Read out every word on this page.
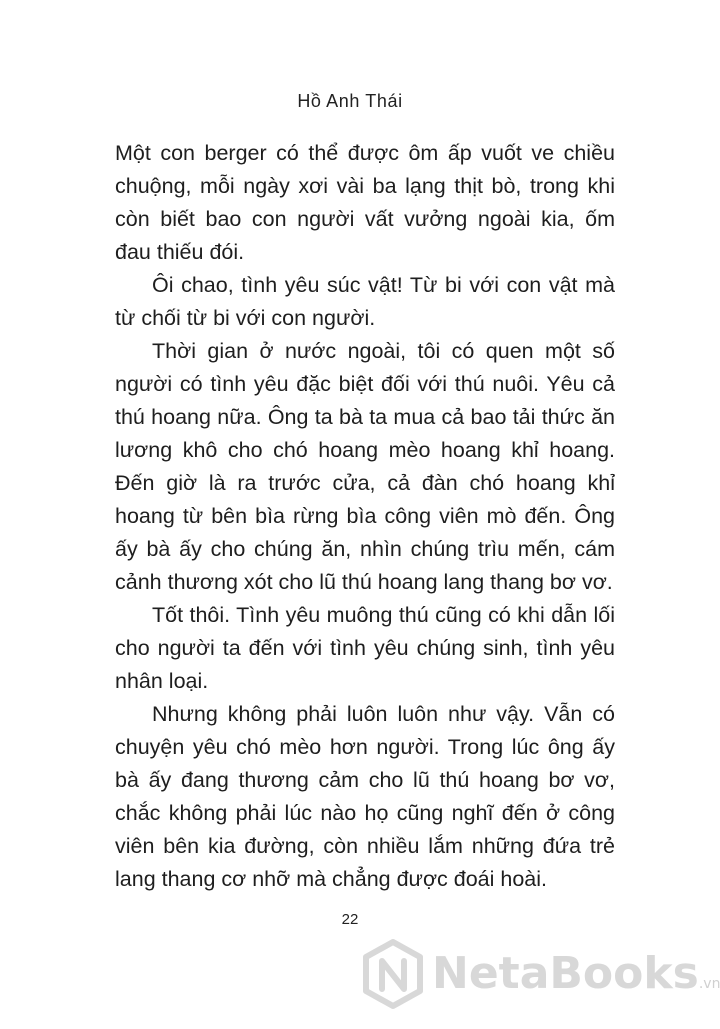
Hồ Anh Thái

Một con berger có thể được ôm ấp vuốt ve chiều chuộng, mỗi ngày xơi vài ba lạng thịt bò, trong khi còn biết bao con người vất vưởng ngoài kia, ốm đau thiếu đói.

Ôi chao, tình yêu súc vật! Từ bi với con vật mà từ chối từ bi với con người.

Thời gian ở nước ngoài, tôi có quen một số người có tình yêu đặc biệt đối với thú nuôi. Yêu cả thú hoang nữa. Ông ta bà ta mua cả bao tải thức ăn lương khô cho chó hoang mèo hoang khỉ hoang. Đến giờ là ra trước cửa, cả đàn chó hoang khỉ hoang từ bên bìa rừng bìa công viên mò đến. Ông ấy bà ấy cho chúng ăn, nhìn chúng trìu mến, cám cảnh thương xót cho lũ thú hoang lang thang bơ vơ.

Tốt thôi. Tình yêu muông thú cũng có khi dẫn lối cho người ta đến với tình yêu chúng sinh, tình yêu nhân loại.

Nhưng không phải luôn luôn như vậy. Vẫn có chuyện yêu chó mèo hơn người. Trong lúc ông ấy bà ấy đang thương cảm cho lũ thú hoang bơ vơ, chắc không phải lúc nào họ cũng nghĩ đến ở công viên bên kia đường, còn nhiều lắm những đứa trẻ lang thang cơ nhỡ mà chẳng được đoái hoài.

22
NetaBooks.vn
